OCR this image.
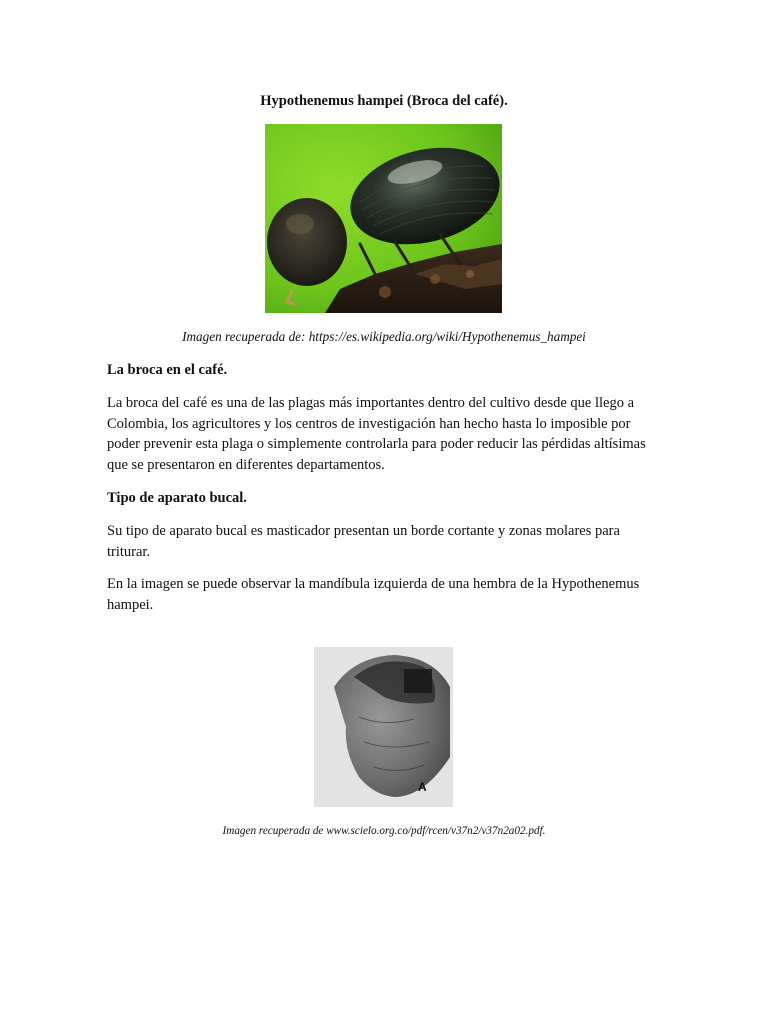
Hypothenemus hampei (Broca del café).
Imagen recuperada de: https://es.wikipedia.org/wiki/Hypothenemus_hampei
La broca en el café.
La broca del café es una de las plagas más importantes dentro del cultivo desde que llego a Colombia, los agricultores y los centros de investigación han hecho hasta lo imposible por poder prevenir esta plaga o simplemente controlarla para poder reducir las pérdidas altísimas que se presentaron en diferentes departamentos.
Tipo de aparato bucal.
Su tipo de aparato bucal es masticador presentan un borde cortante y zonas molares para triturar.
En la imagen se puede observar la mandíbula izquierda de una hembra de la Hypothenemus hampei.
A
Imagen recuperada de www.scielo.org.co/pdf/rcen/v37n2/v37n2a02.pdf.
